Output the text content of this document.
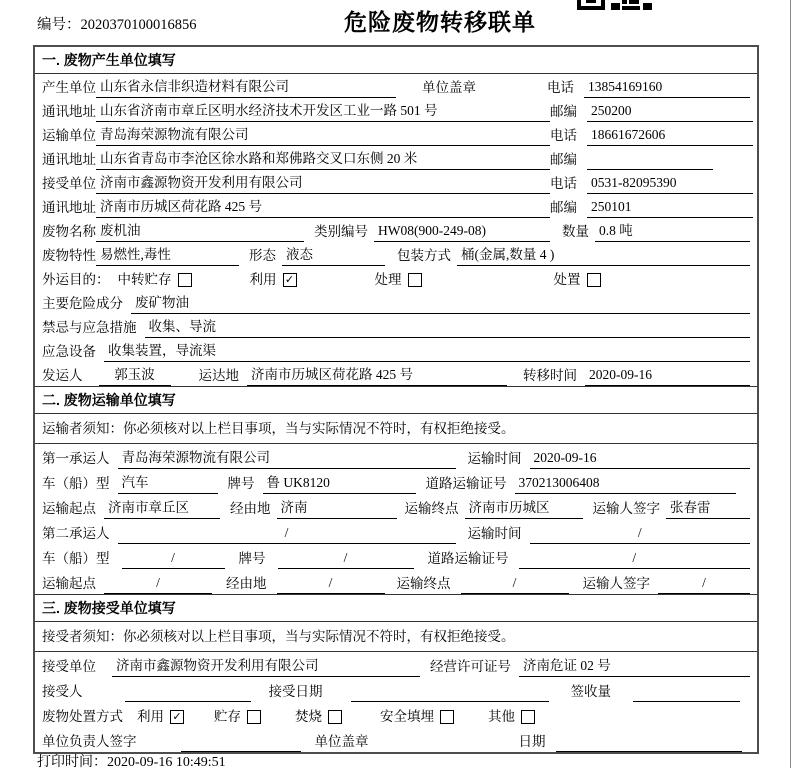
编号：2020370100016856	危险废物转移联单
一. 废物产生单位填写
产生单位 山东省永信非织造材料有限公司	单位盖章	电话 13854169160
通讯地址 山东省济南市章丘区明水经济技术开发区工业一路 501 号	邮编 250200
运输单位 青岛海荣源物流有限公司	电话 18661672606
通讯地址 山东省青岛市李沧区徐水路和郑佛路交叉口东侧 20 米	邮编
接受单位 济南市鑫源物资开发利用有限公司	电话 0531-82095390
通讯地址 济南市历城区荷花路 425 号	邮编 250101
废物名称 废机油	类别编号 HW08(900-249-08)	数量 0.8 吨
废物特性 易燃性,毒性	形态 液态	包装方式 桶(金属,数量 4 )
外运目的： 中转贮存	利用 ✓	处理	处置
主要危险成分 废矿物油
禁忌与应急措施 收集、导流
应急设备 收集装置，导流渠
发运人	郭玉波	运达地 济南市历城区荷花路 425 号	转移时间 2020-09-16
二. 废物运输单位填写
运输者须知：你必须核对以上栏目事项，当与实际情况不符时，有权拒绝接受。
第一承运人 青岛海荣源物流有限公司	运输时间 2020-09-16
车（船）型 汽车	牌号 鲁 UK8120	道路运输证号 370213006408
运输起点 济南市章丘区	经由地 济南	运输终点 济南市历城区	运输人签字 张春雷
第二承运人	/	运输时间	/
车（船）型	/	牌号	/	道路运输证号	/
运输起点	/	经由地	/	运输终点	/	运输人签字	/
三. 废物接受单位填写
接受者须知：你必须核对以上栏目事项，当与实际情况不符时，有权拒绝接受。
接受单位 济南市鑫源物资开发利用有限公司	经营许可证号 济南危证 02 号
接受人	接受日期	签收量
废物处置方式 利用 ✓ 贮存	焚烧	安全填埋	其他
单位负责人签字	单位盖章	日期
打印时间：2020-09-16 10:49:51
